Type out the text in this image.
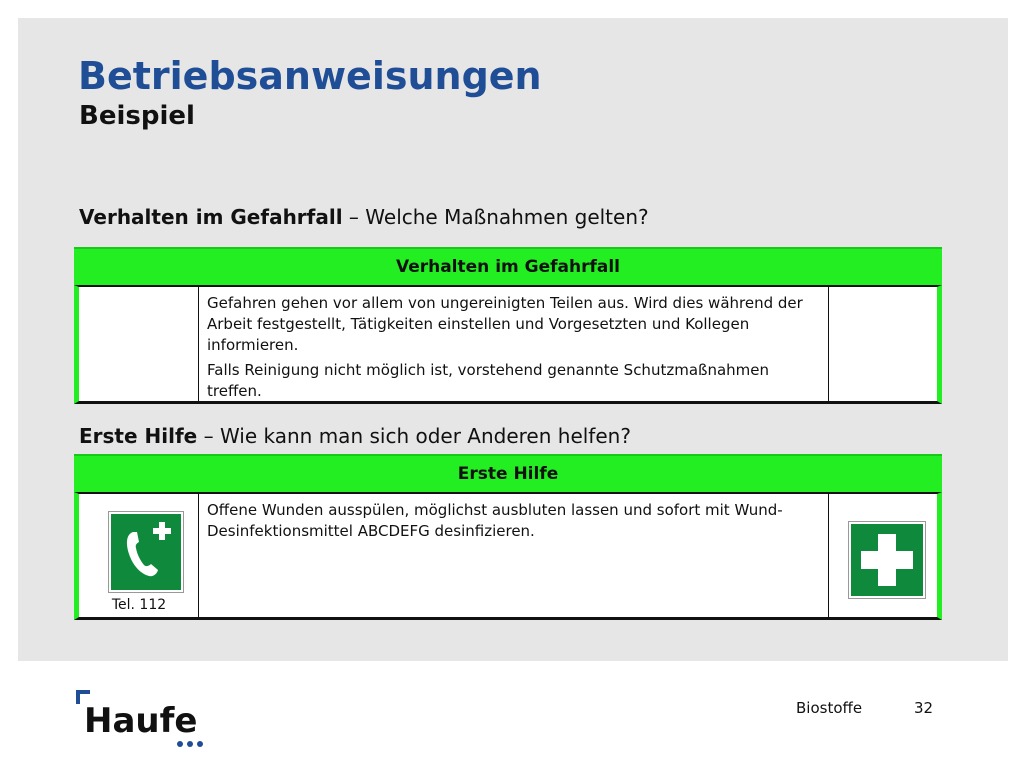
Betriebsanweisungen
Beispiel
Verhalten im Gefahrfall – Welche Maßnahmen gelten?
Verhalten im Gefahrfall

Gefahren gehen vor allem von ungereinigten Teilen aus. Wird dies während der Arbeit festgestellt, Tätigkeiten einstellen und Vorgesetzten und Kollegen informieren.

Falls Reinigung nicht möglich ist, vorstehend genannte Schutzmaßnahmen treffen.

Erste Hilfe – Wie kann man sich oder Anderen helfen?
Erste Hilfe
Tel. 112

Offene Wunden ausspülen, möglichst ausbluten lassen und sofort mit Wund-Desinfektionsmittel ABCDEFG desinfizieren.

Haufe	Biostoffe	32
